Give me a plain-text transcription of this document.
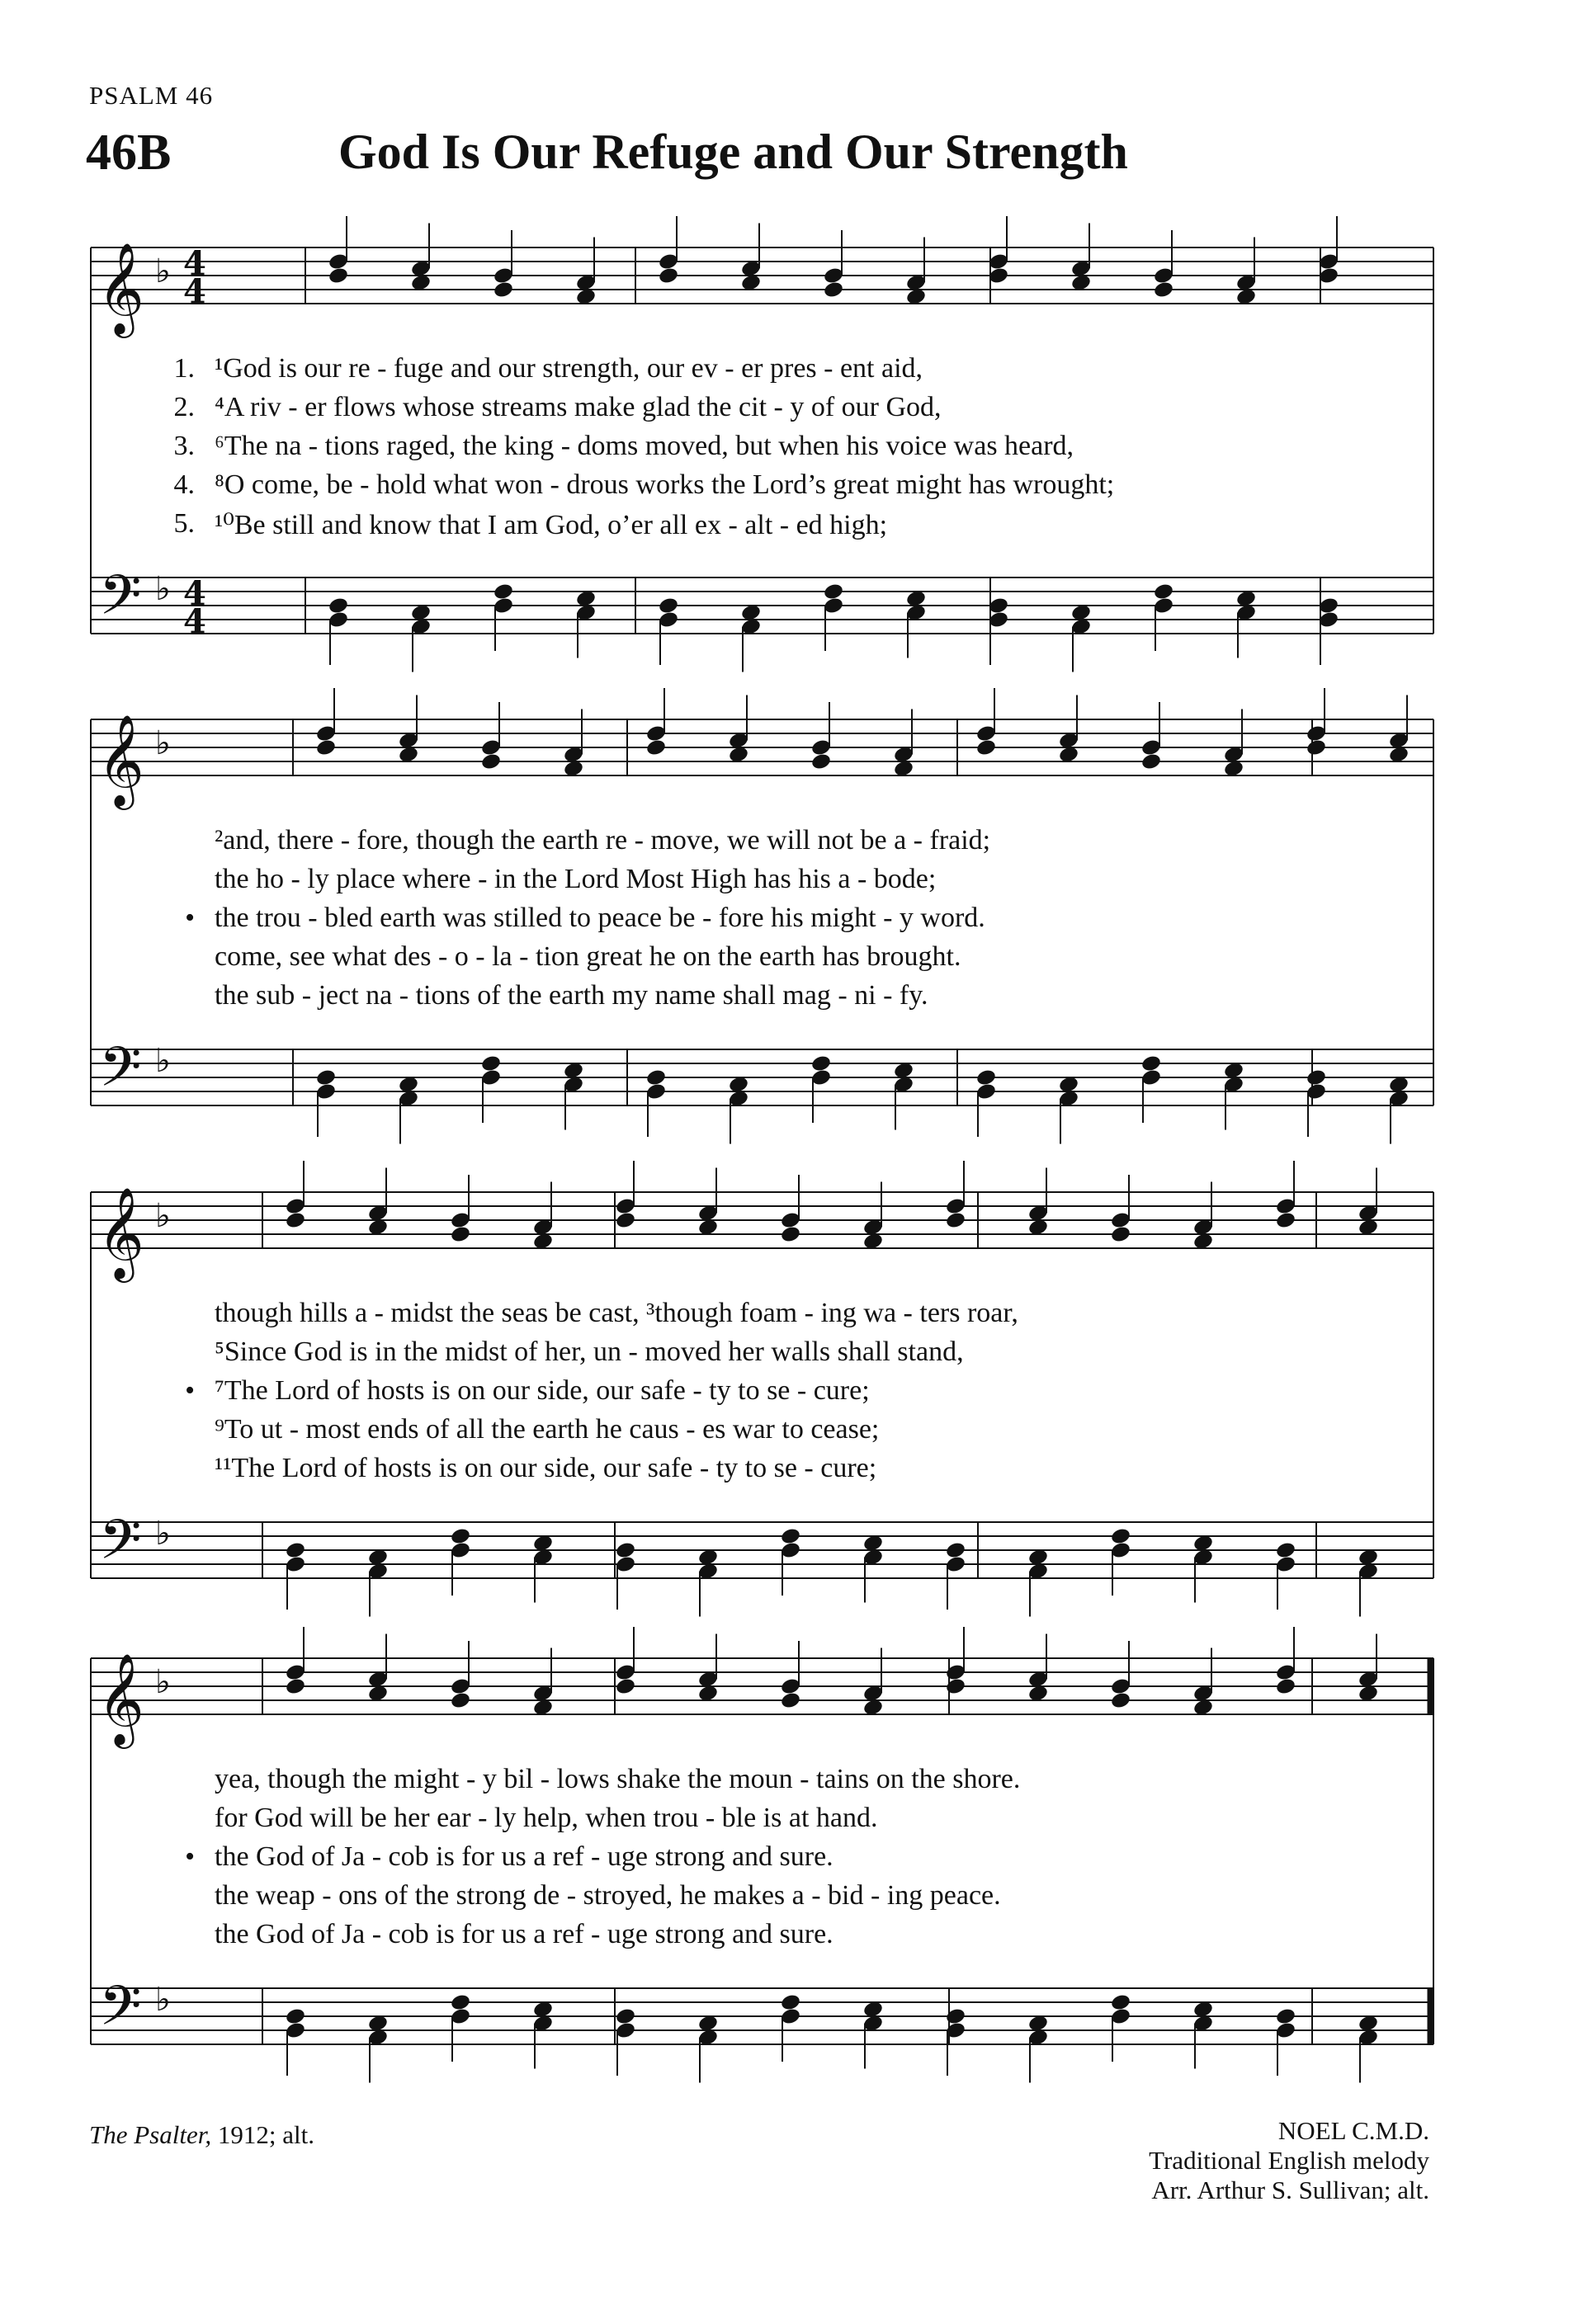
PSALM 46
46B	God Is Our Refuge and Our Strength
𝄞 ♭ 4
4
𝄢 ♭ 4
4
𝄞 ♭
𝄢 ♭
𝄞 ♭
𝄢 ♭
𝄞 ♭
𝄢 ♭
1. ¹God is our re - fuge and our strength, our ev - er pres - ent aid,
2. ⁴A riv - er flows whose streams make glad the cit - y of our God,
3. ⁶The na - tions raged, the king - doms moved, but when his voice was heard,
4. ⁸O come, be - hold what won - drous works the Lord’s great might has wrought;
5. ¹⁰Be still and know that I am God, o’er all ex - alt - ed high;
²and, there - fore, though the earth re - move, we will not be a - fraid;
the ho - ly place where - in the Lord Most High has his a - bode;
• the trou - bled earth was stilled to peace be - fore his might - y word.
come, see what des - o - la - tion great he on the earth has brought.
the sub - ject na - tions of the earth my name shall mag - ni - fy.
though hills a - midst the seas be cast, ³though foam - ing wa - ters roar,
⁵Since God is in the midst of her, un - moved her walls shall stand,
• ⁷The Lord of hosts is on our side, our safe - ty to se - cure;
⁹To ut - most ends of all the earth he caus - es war to cease;
¹¹The Lord of hosts is on our side, our safe - ty to se - cure;
yea, though the might - y bil - lows shake the moun - tains on the shore.
for God will be her ear - ly help, when trou - ble is at hand.
• the God of Ja - cob is for us a ref - uge strong and sure.
the weap - ons of the strong de - stroyed, he makes a - bid - ing peace.
the God of Ja - cob is for us a ref - uge strong and sure.
The Psalter, 1912; alt.	NOEL C.M.D.
Traditional English melody
Arr. Arthur S. Sullivan; alt.
